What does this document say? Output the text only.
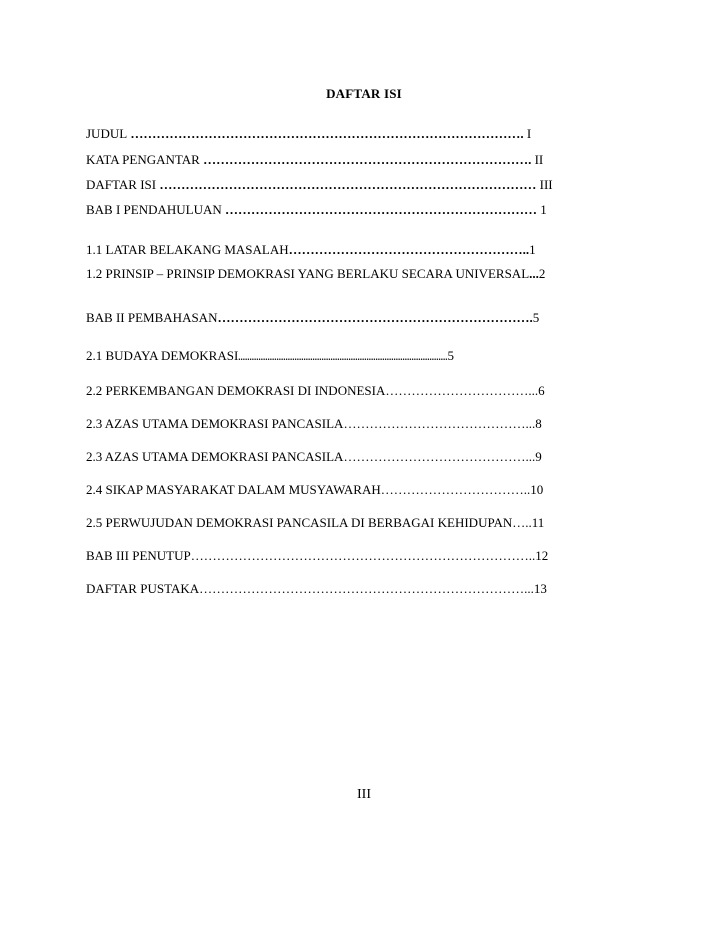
DAFTAR ISI
JUDUL ………………………………………………………………………………. I
KATA PENGANTAR …………………………………………………………………. II
DAFTAR ISI …………………………………………………………………………… III
BAB I PENDAHULUAN ……………………………………………………………… 1
1.1 LATAR BELAKANG MASALAH………………………………………………..1
1.2 PRINSIP – PRINSIP DEMOKRASI YANG BERLAKU SECARA UNIVERSAL...2
BAB II PEMBAHASAN……………………………………………………………….5
2.1 BUDAYA DEMOKRASI.............................................................................................5
2.2 PERKEMBANGAN DEMOKRASI DI INDONESIA……………………………...6
2.3 AZAS UTAMA DEMOKRASI PANCASILA……………………………………...8
2.3 AZAS UTAMA DEMOKRASI PANCASILA……………………………………...9
2.4 SIKAP MASYARAKAT DALAM MUSYAWARAH……………………………..10
2.5 PERWUJUDAN DEMOKRASI PANCASILA DI BERBAGAI KEHIDUPAN…..11
BAB III PENUTUP……………………………………………………………………..12
DAFTAR PUSTAKA…………………………………………………………………...13
III
